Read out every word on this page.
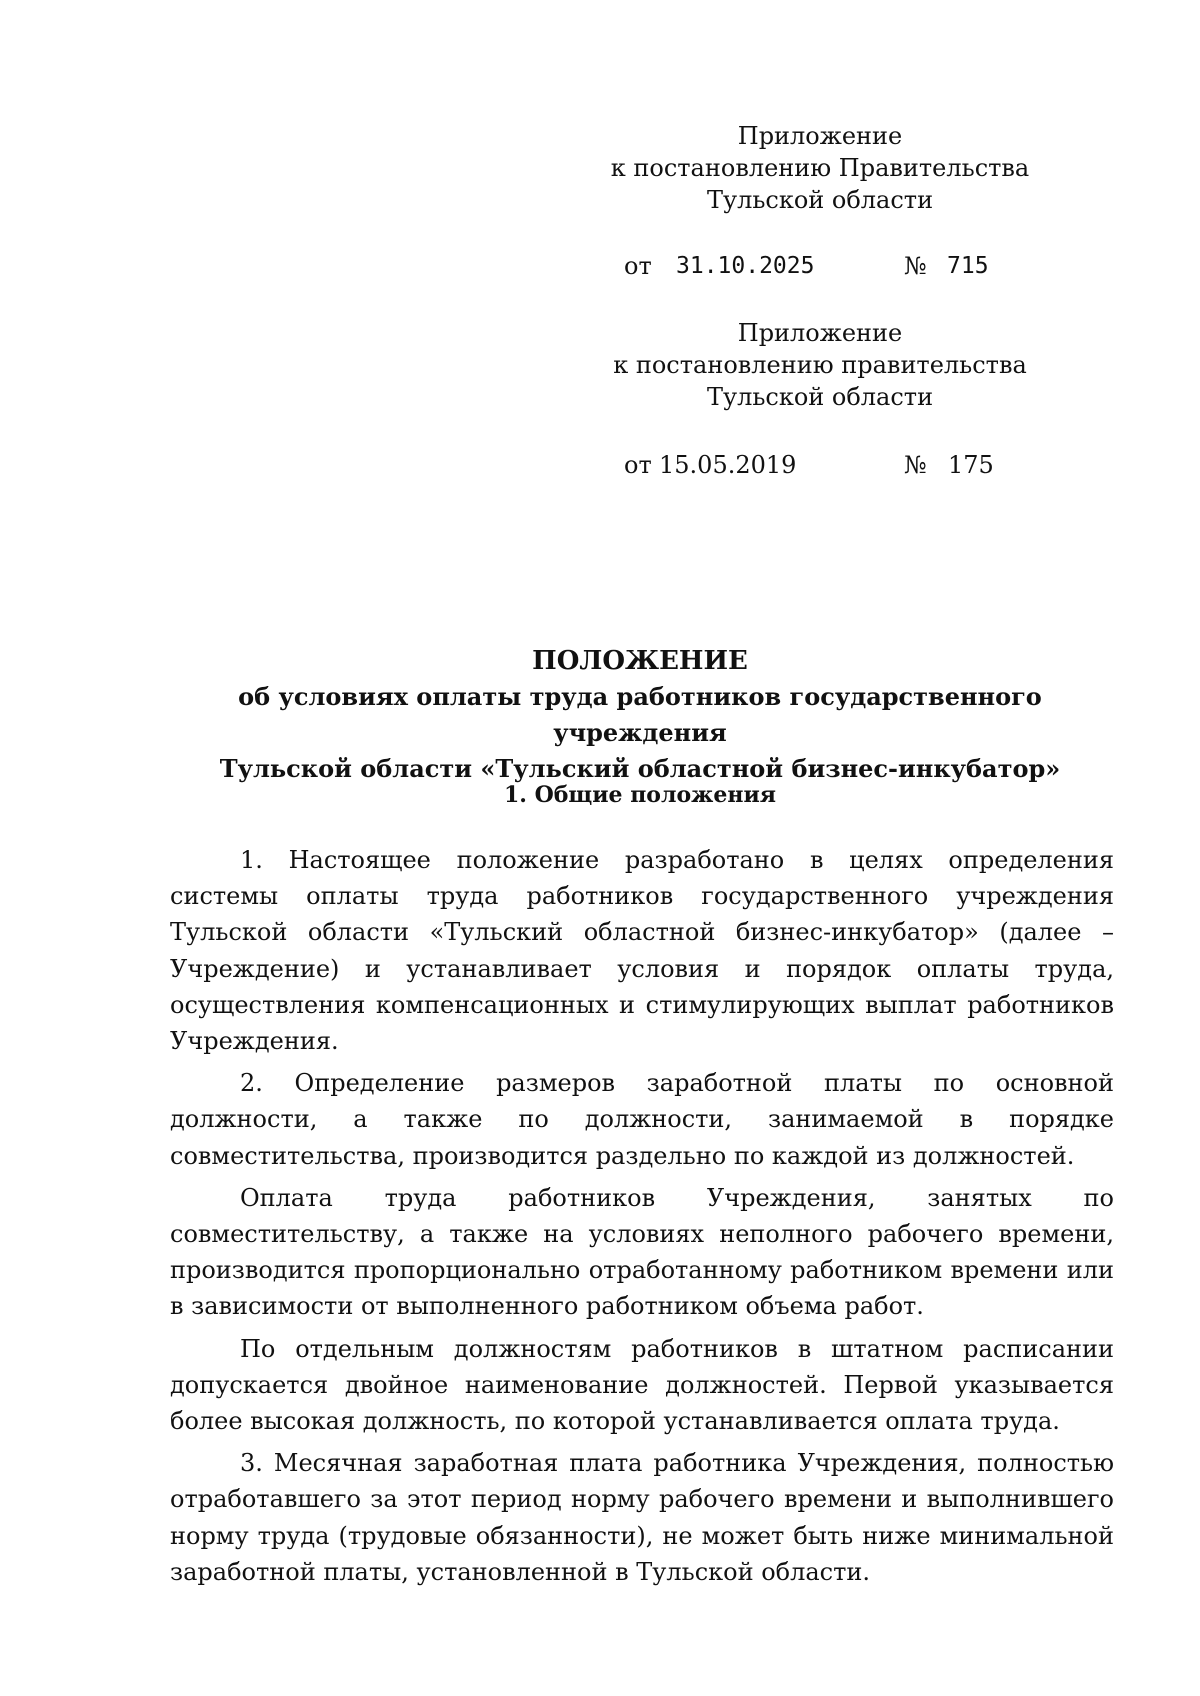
Приложение

к постановлению Правительства

Тульской области

от 31.10.2025	№ 715

Приложение

к постановлению правительства

Тульской области

от 15.05.2019	№ 175

ПОЛОЖЕНИЕ

об условиях оплаты труда работников государственного учреждения

Тульской области «Тульский областной бизнес-инкубатор»

1. Общие положения

1. Настоящее положение разработано в целях определения системы оплаты труда работников государственного учреждения Тульской области «Тульский областной бизнес-инкубатор» (далее – Учреждение) и устанавливает условия и порядок оплаты труда, осуществления компенсационных и стимулирующих выплат работников Учреждения.

2. Определение размеров заработной платы по основной должности, а также по должности, занимаемой в порядке совместительства, производится раздельно по каждой из должностей.

Оплата труда работников Учреждения, занятых по совместительству, а также на условиях неполного рабочего времени, производится пропорционально отработанному работником времени или в зависимости от выполненного работником объема работ.

По отдельным должностям работников в штатном расписании допускается двойное наименование должностей. Первой указывается более высокая должность, по которой устанавливается оплата труда.

3. Месячная заработная плата работника Учреждения, полностью отработавшего за этот период норму рабочего времени и выполнившего норму труда (трудовые обязанности), не может быть ниже минимальной заработной платы, установленной в Тульской области.
